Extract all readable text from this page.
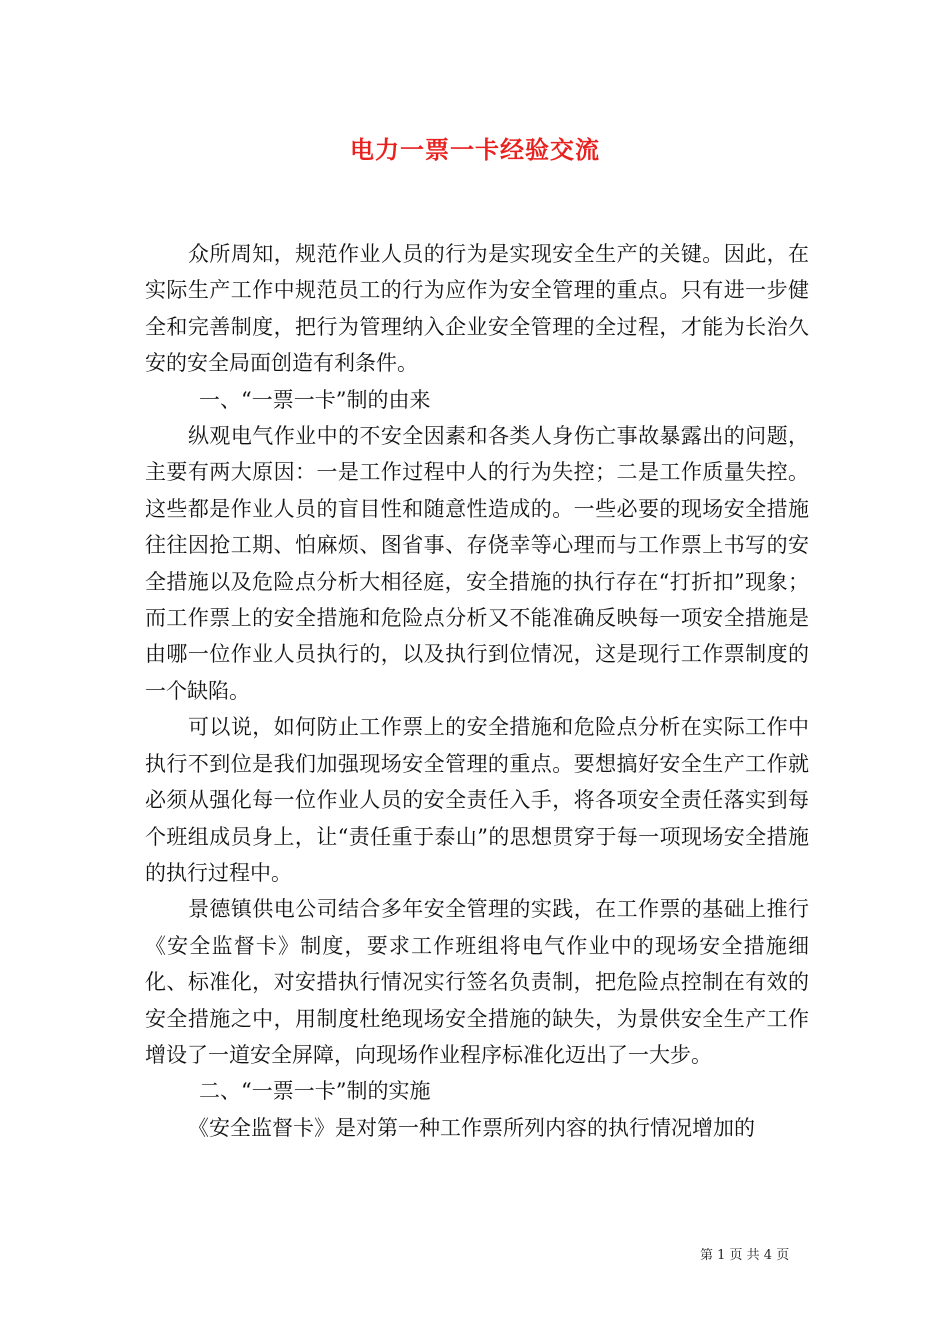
电力一票一卡经验交流

众所周知，规范作业人员的行为是实现安全生产的关键。因此，在实际生产工作中规范员工的行为应作为安全管理的重点。只有进一步健全和完善制度，把行为管理纳入企业安全管理的全过程，才能为长治久安的安全局面创造有利条件。

一、“一票一卡”制的由来

纵观电气作业中的不安全因素和各类人身伤亡事故暴露出的问题，主要有两大原因：一是工作过程中人的行为失控；二是工作质量失控。这些都是作业人员的盲目性和随意性造成的。一些必要的现场安全措施往往因抢工期、怕麻烦、图省事、存侥幸等心理而与工作票上书写的安全措施以及危险点分析大相径庭，安全措施的执行存在“打折扣”现象；而工作票上的安全措施和危险点分析又不能准确反映每一项安全措施是由哪一位作业人员执行的，以及执行到位情况，这是现行工作票制度的一个缺陷。

可以说，如何防止工作票上的安全措施和危险点分析在实际工作中执行不到位是我们加强现场安全管理的重点。要想搞好安全生产工作就必须从强化每一位作业人员的安全责任入手，将各项安全责任落实到每个班组成员身上，让“责任重于泰山”的思想贯穿于每一项现场安全措施的执行过程中。

景德镇供电公司结合多年安全管理的实践，在工作票的基础上推行《安全监督卡》制度，要求工作班组将电气作业中的现场安全措施细化、标准化，对安措执行情况实行签名负责制，把危险点控制在有效的安全措施之中，用制度杜绝现场安全措施的缺失，为景供安全生产工作增设了一道安全屏障，向现场作业程序标准化迈出了一大步。

二、“一票一卡”制的实施

《安全监督卡》是对第一种工作票所列内容的执行情况增加的

第 1 页 共 4 页
